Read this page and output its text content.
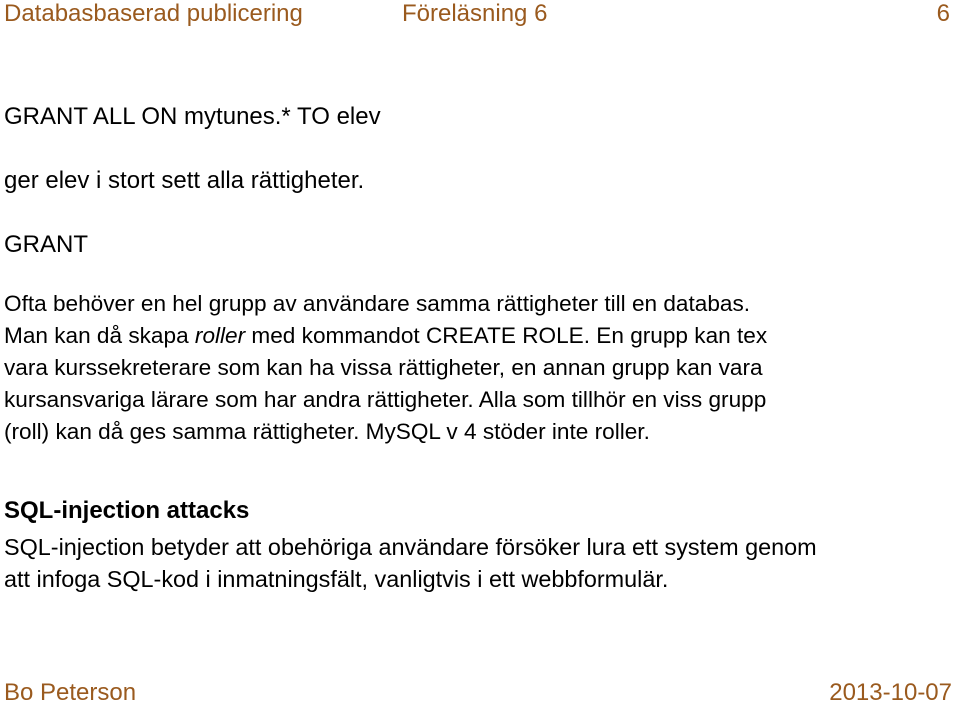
Databasbaserad publicering	Föreläsning 6	6
GRANT ALL ON mytunes.* TO elev
ger elev i stort sett alla rättigheter.
GRANT
Ofta behöver en hel grupp av användare samma rättigheter till en databas.
Man kan då skapa roller med kommandot CREATE ROLE. En grupp kan tex
vara kurssekreterare som kan ha vissa rättigheter, en annan grupp kan vara
kursansvariga lärare som har andra rättigheter. Alla som tillhör en viss grupp
(roll) kan då ges samma rättigheter. MySQL v 4 stöder inte roller.
SQL-injection attacks
SQL-injection betyder att obehöriga användare försöker lura ett system genom
att infoga SQL-kod i inmatningsfält, vanligtvis i ett webbformulär.
Bo Peterson	2013-10-07
